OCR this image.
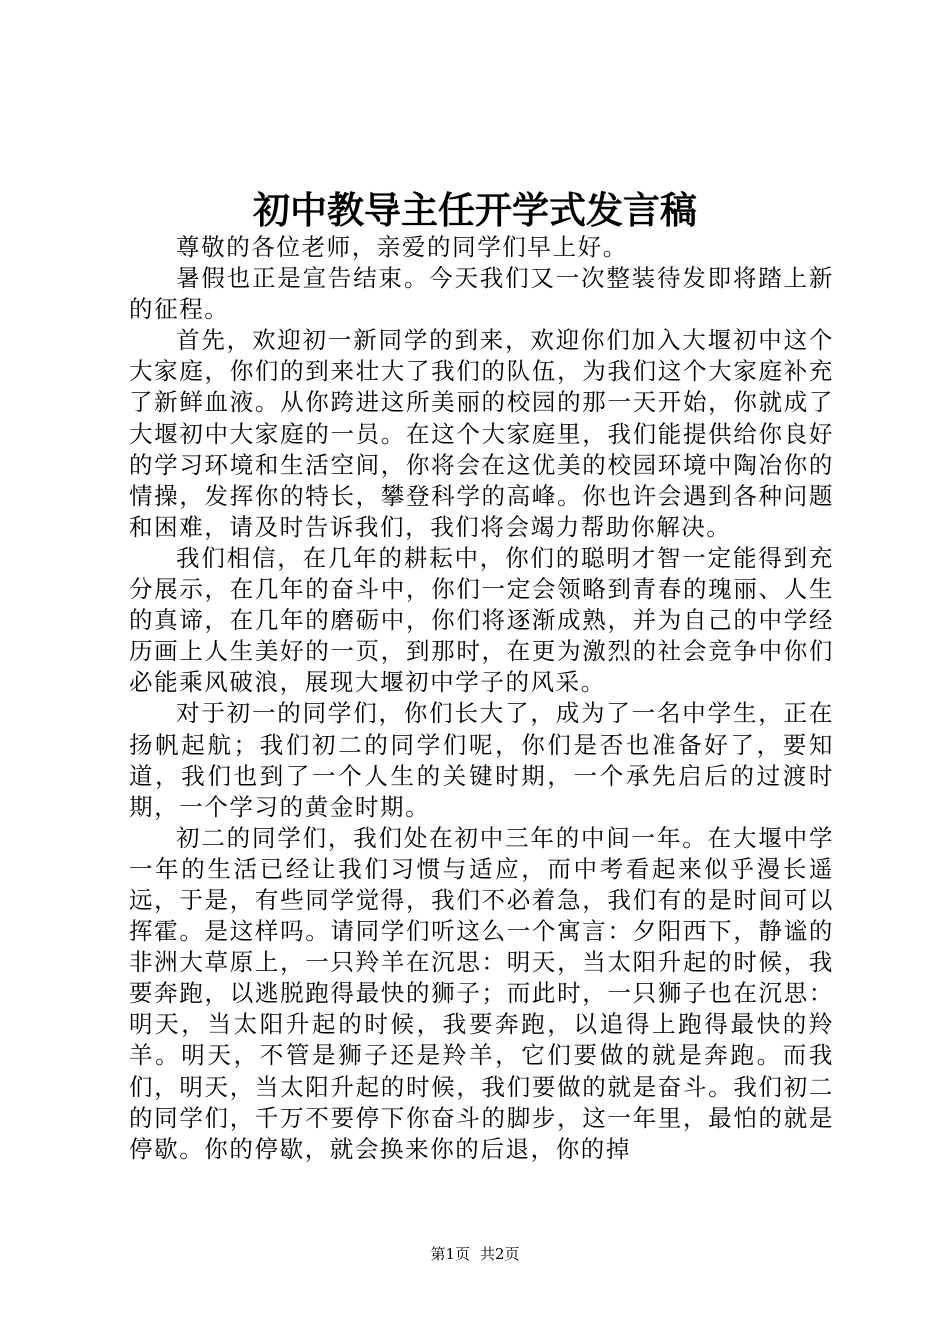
初中教导主任开学式发言稿

尊敬的各位老师，亲爱的同学们早上好。

暑假也正是宣告结束。今天我们又一次整装待发即将踏上新的征程。

首先，欢迎初一新同学的到来，欢迎你们加入大堰初中这个大家庭，你们的到来壮大了我们的队伍，为我们这个大家庭补充了新鲜血液。从你跨进这所美丽的校园的那一天开始，你就成了大堰初中大家庭的一员。在这个大家庭里，我们能提供给你良好的学习环境和生活空间，你将会在这优美的校园环境中陶冶你的情操，发挥你的特长，攀登科学的高峰。你也许会遇到各种问题和困难，请及时告诉我们，我们将会竭力帮助你解决。

我们相信，在几年的耕耘中，你们的聪明才智一定能得到充分展示，在几年的奋斗中，你们一定会领略到青春的瑰丽、人生的真谛，在几年的磨砺中，你们将逐渐成熟，并为自己的中学经历画上人生美好的一页，到那时，在更为激烈的社会竞争中你们必能乘风破浪，展现大堰初中学子的风采。

对于初一的同学们，你们长大了，成为了一名中学生，正在扬帆起航；我们初二的同学们呢，你们是否也准备好了，要知道，我们也到了一个人生的关键时期，一个承先启后的过渡时期，一个学习的黄金时期。

初二的同学们，我们处在初中三年的中间一年。在大堰中学一年的生活已经让我们习惯与适应，而中考看起来似乎漫长遥远，于是，有些同学觉得，我们不必着急，我们有的是时间可以挥霍。是这样吗。请同学们听这么一个寓言：夕阳西下，静谧的非洲大草原上，一只羚羊在沉思：明天，当太阳升起的时候，我要奔跑，以逃脱跑得最快的狮子；而此时，一只狮子也在沉思：明天，当太阳升起的时候，我要奔跑，以追得上跑得最快的羚羊。明天，不管是狮子还是羚羊，它们要做的就是奔跑。而我们，明天，当太阳升起的时候，我们要做的就是奋斗。我们初二的同学们，千万不要停下你奋斗的脚步，这一年里，最怕的就是停歇。你的停歇，就会换来你的后退，你的掉

第1页 共2页
